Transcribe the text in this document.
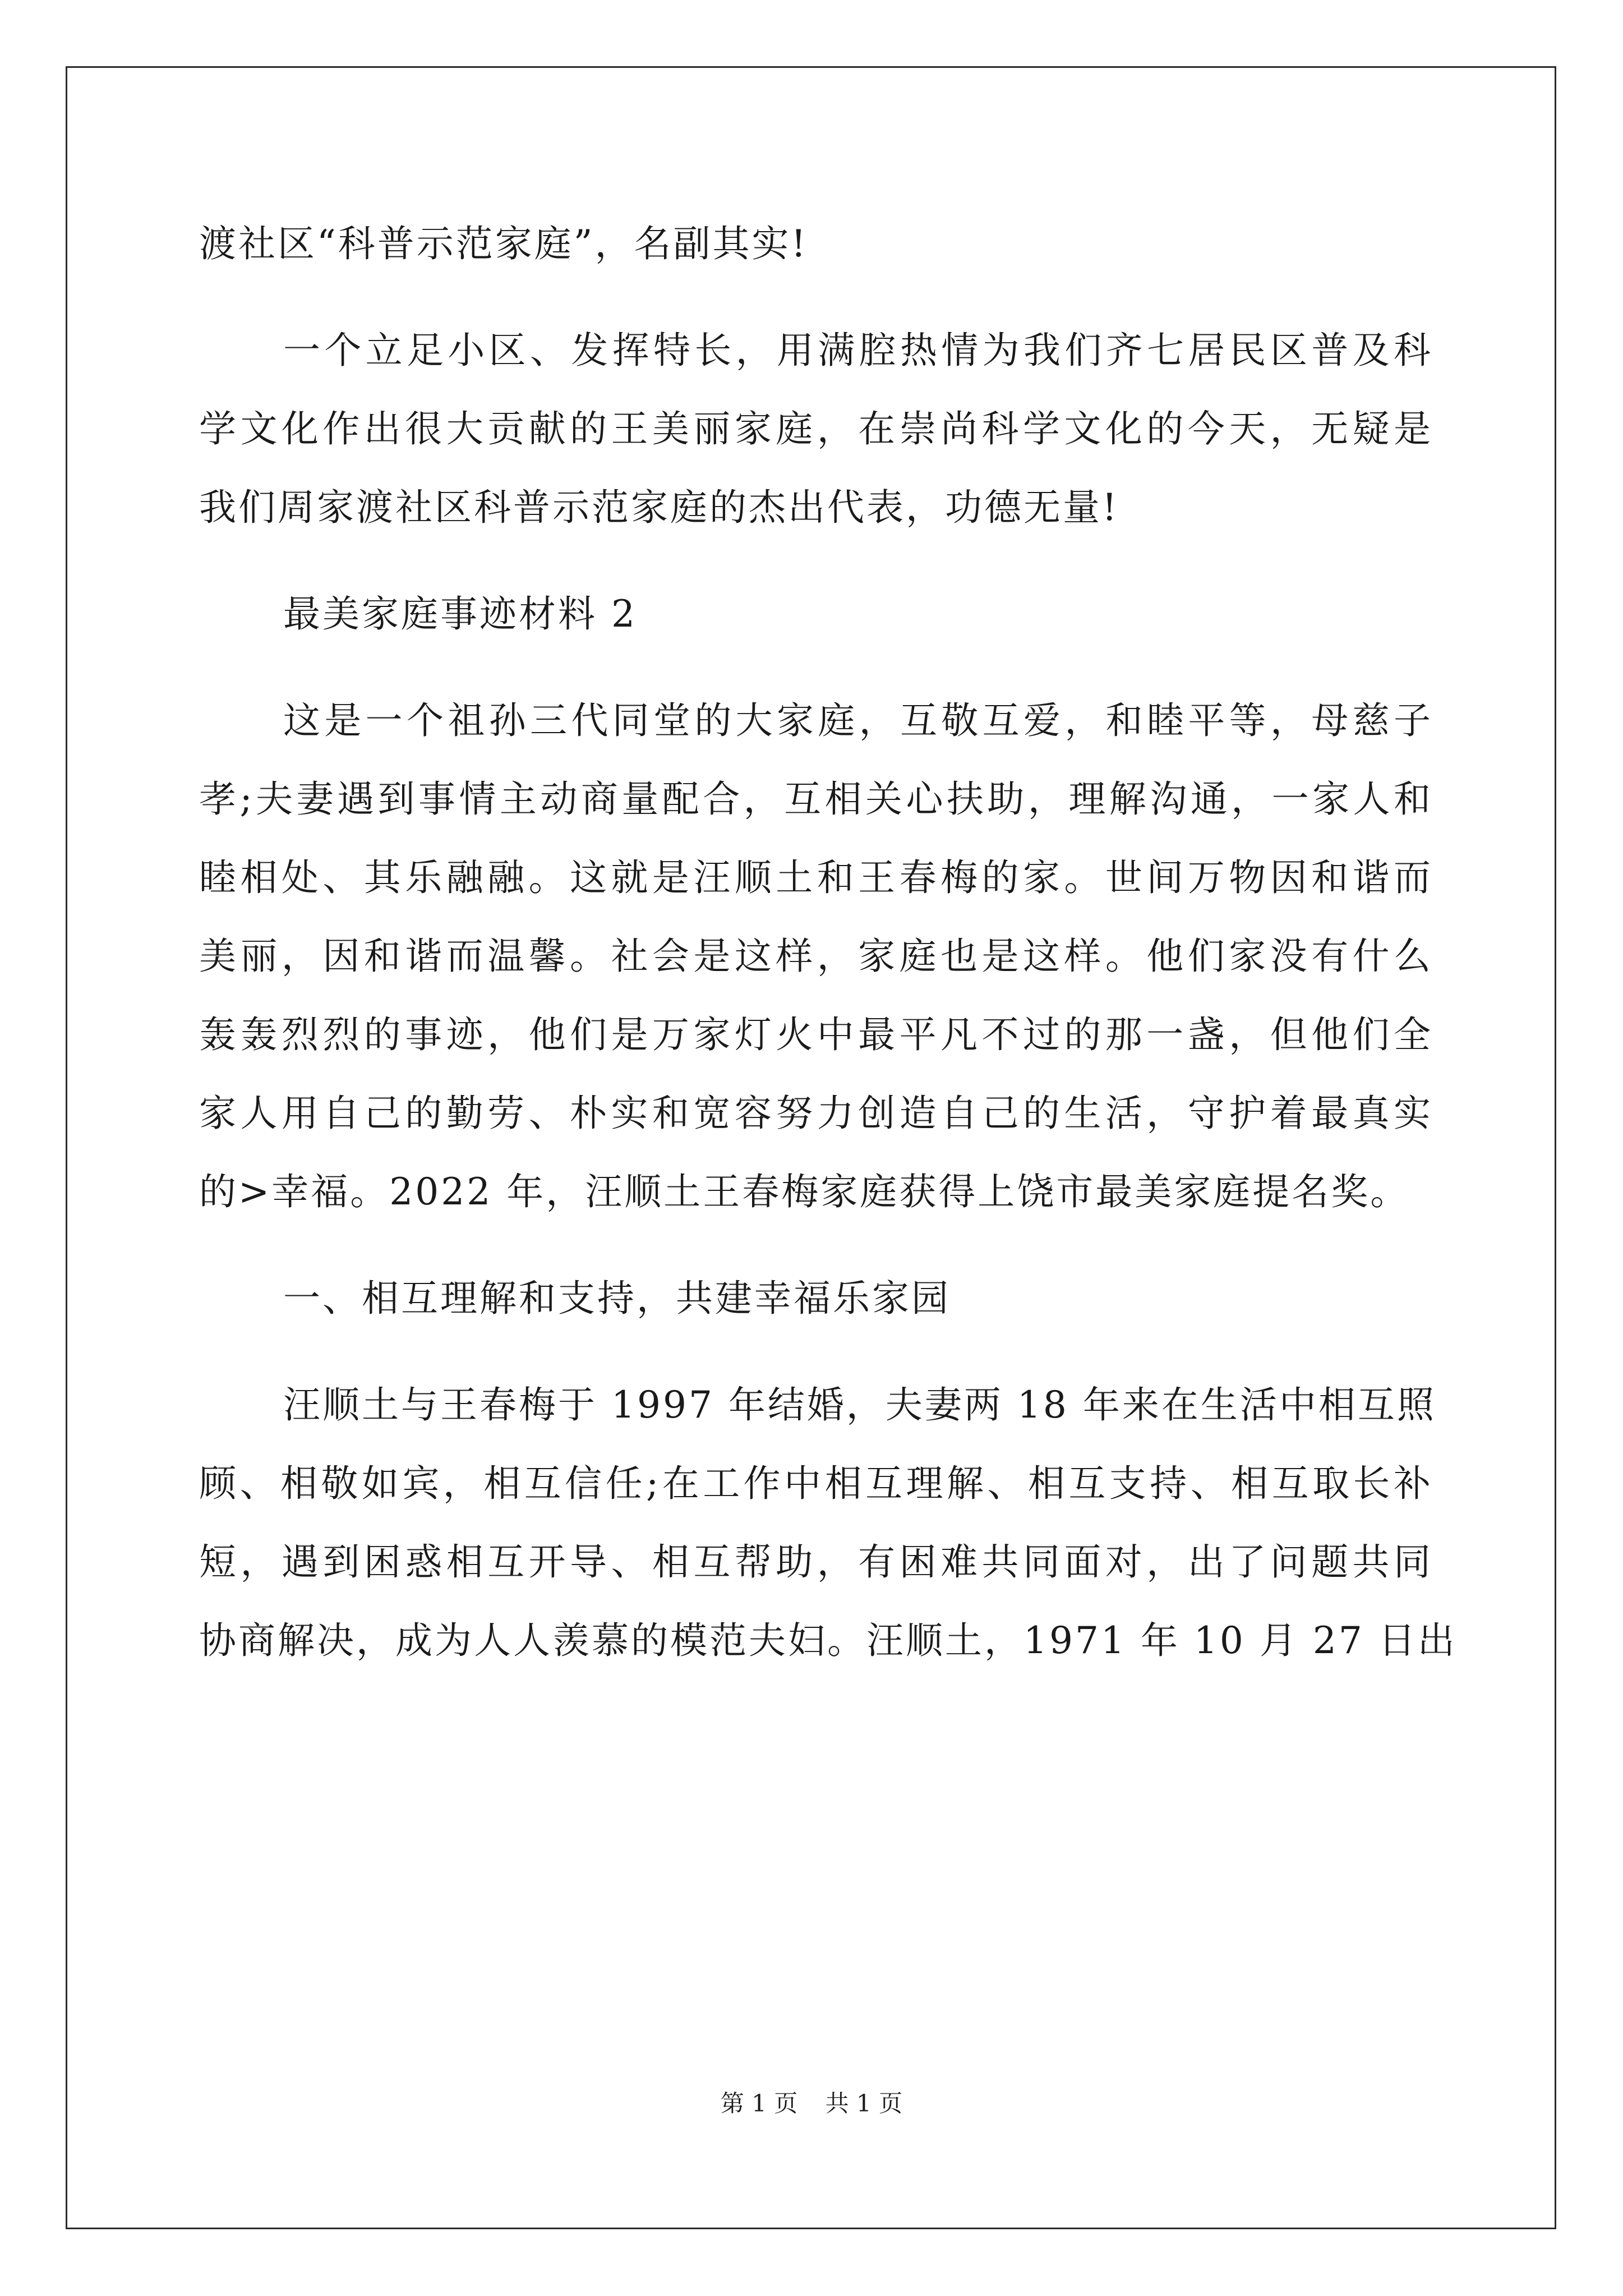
渡社区“科普示范家庭”，名副其实!
一个立足小区、发挥特长，用满腔热情为我们齐七居民区普及科
学文化作出很大贡献的王美丽家庭，在崇尚科学文化的今天，无疑是
我们周家渡社区科普示范家庭的杰出代表，功德无量!
最美家庭事迹材料 2
这是一个祖孙三代同堂的大家庭，互敬互爱，和睦平等，母慈子
孝;夫妻遇到事情主动商量配合，互相关心扶助，理解沟通，一家人和
睦相处、其乐融融。这就是汪顺土和王春梅的家。世间万物因和谐而
美丽，因和谐而温馨。社会是这样，家庭也是这样。他们家没有什么
轰轰烈烈的事迹，他们是万家灯火中最平凡不过的那一盏，但他们全
家人用自己的勤劳、朴实和宽容努力创造自己的生活，守护着最真实
的>幸福。2022 年，汪顺土王春梅家庭获得上饶市最美家庭提名奖。
一、相互理解和支持，共建幸福乐家园
汪顺土与王春梅于 1997 年结婚，夫妻两 18 年来在生活中相互照
顾、相敬如宾，相互信任;在工作中相互理解、相互支持、相互取长补
短，遇到困惑相互开导、相互帮助，有困难共同面对，出了问题共同
协商解决，成为人人羡慕的模范夫妇。汪顺土，1971 年 10 月 27 日出
第 1 页 共 1 页
